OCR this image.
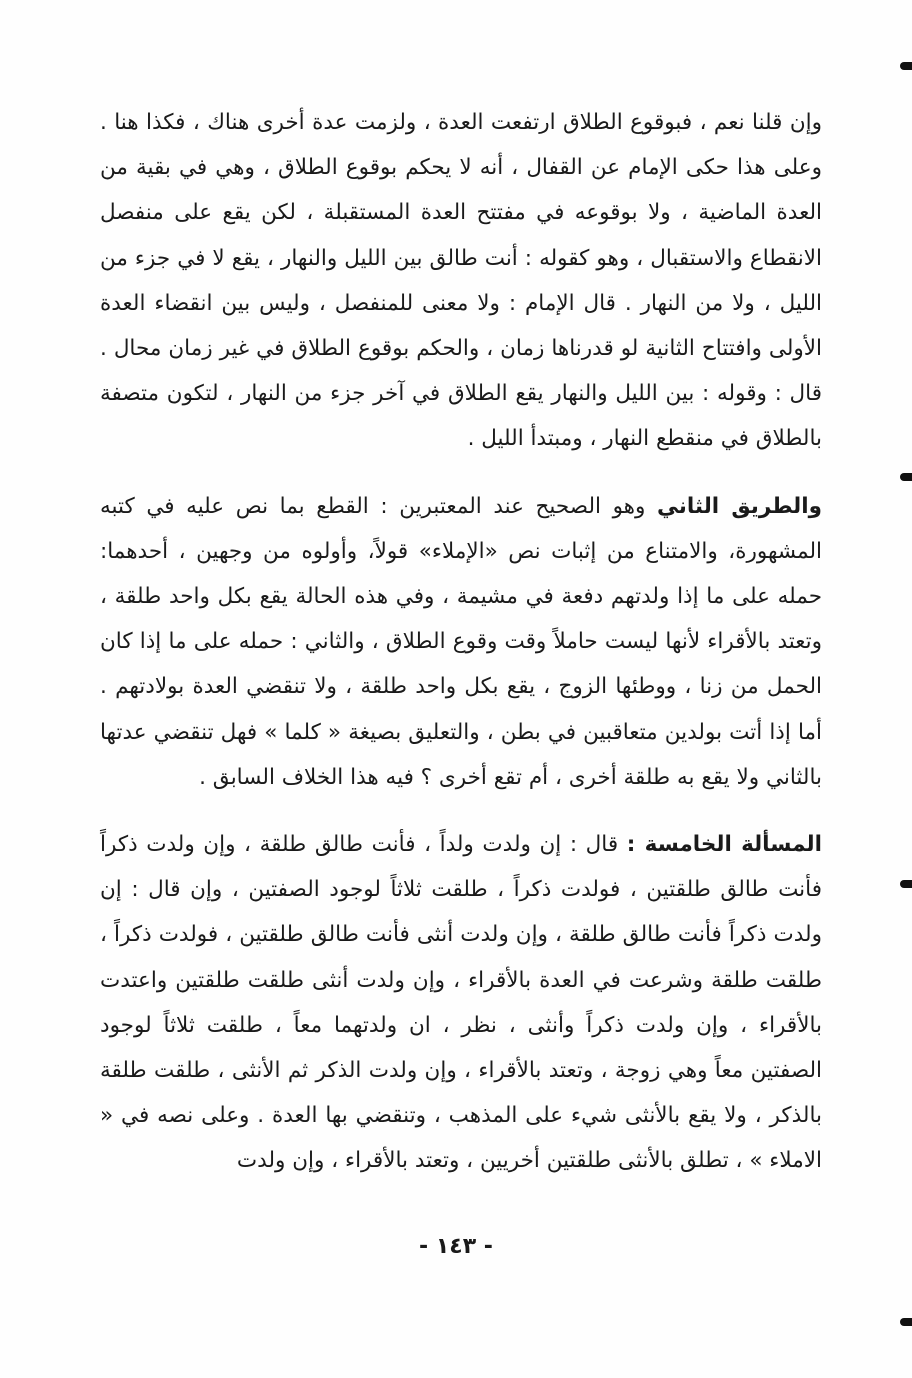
وإن قلنا نعم ، فبوقوع الطلاق ارتفعت العدة ، ولزمت عدة أخرى هناك ، فكذا هنا . وعلى هذا حكى الإمام عن القفال ، أنه لا يحكم بوقوع الطلاق ، وهي في بقية من العدة الماضية ، ولا بوقوعه في مفتتح العدة المستقبلة ، لكن يقع على منفصل الانقطاع والاستقبال ، وهو كقوله : أنت طالق بين الليل والنهار ، يقع لا في جزء من الليل ، ولا من النهار . قال الإمام : ولا معنى للمنفصل ، وليس بين انقضاء العدة الأولى وافتتاح الثانية لو قدرناها زمان ، والحكم بوقوع الطلاق في غير زمان محال . قال : وقوله : بين الليل والنهار يقع الطلاق في آخر جزء من النهار ، لتكون متصفة بالطلاق في منقطع النهار ، ومبتدأ الليل .

والطريق الثاني وهو الصحيح عند المعتبرين : القطع بما نص عليه في كتبه المشهورة، والامتناع من إثبات نص «الإملاء» قولاً، وأولوه من وجهين ، أحدهما: حمله على ما إذا ولدتهم دفعة في مشيمة ، وفي هذه الحالة يقع بكل واحد طلقة ، وتعتد بالأقراء لأنها ليست حاملاً وقت وقوع الطلاق ، والثاني : حمله على ما إذا كان الحمل من زنا ، ووطئها الزوج ، يقع بكل واحد طلقة ، ولا تنقضي العدة بولادتهم . أما إذا أتت بولدين متعاقبين في بطن ، والتعليق بصيغة « كلما » فهل تنقضي عدتها بالثاني ولا يقع به طلقة أخرى ، أم تقع أخرى ؟ فيه هذا الخلاف السابق .

المسألة الخامسة : قال : إن ولدت ولداً ، فأنت طالق طلقة ، وإن ولدت ذكراً فأنت طالق طلقتين ، فولدت ذكراً ، طلقت ثلاثاً لوجود الصفتين ، وإن قال : إن ولدت ذكراً فأنت طالق طلقة ، وإن ولدت أنثى فأنت طالق طلقتين ، فولدت ذكراً ، طلقت طلقة وشرعت في العدة بالأقراء ، وإن ولدت أنثى طلقت طلقتين واعتدت بالأقراء ، وإن ولدت ذكراً وأنثى ، نظر ، ان ولدتهما معاً ، طلقت ثلاثاً لوجود الصفتين معاً وهي زوجة ، وتعتد بالأقراء ، وإن ولدت الذكر ثم الأنثى ، طلقت طلقة بالذكر ، ولا يقع بالأنثى شيء على المذهب ، وتنقضي بها العدة . وعلى نصه في « الاملاء » ، تطلق بالأنثى طلقتين أخريين ، وتعتد بالأقراء ، وإن ولدت

- ١٤٣ -
